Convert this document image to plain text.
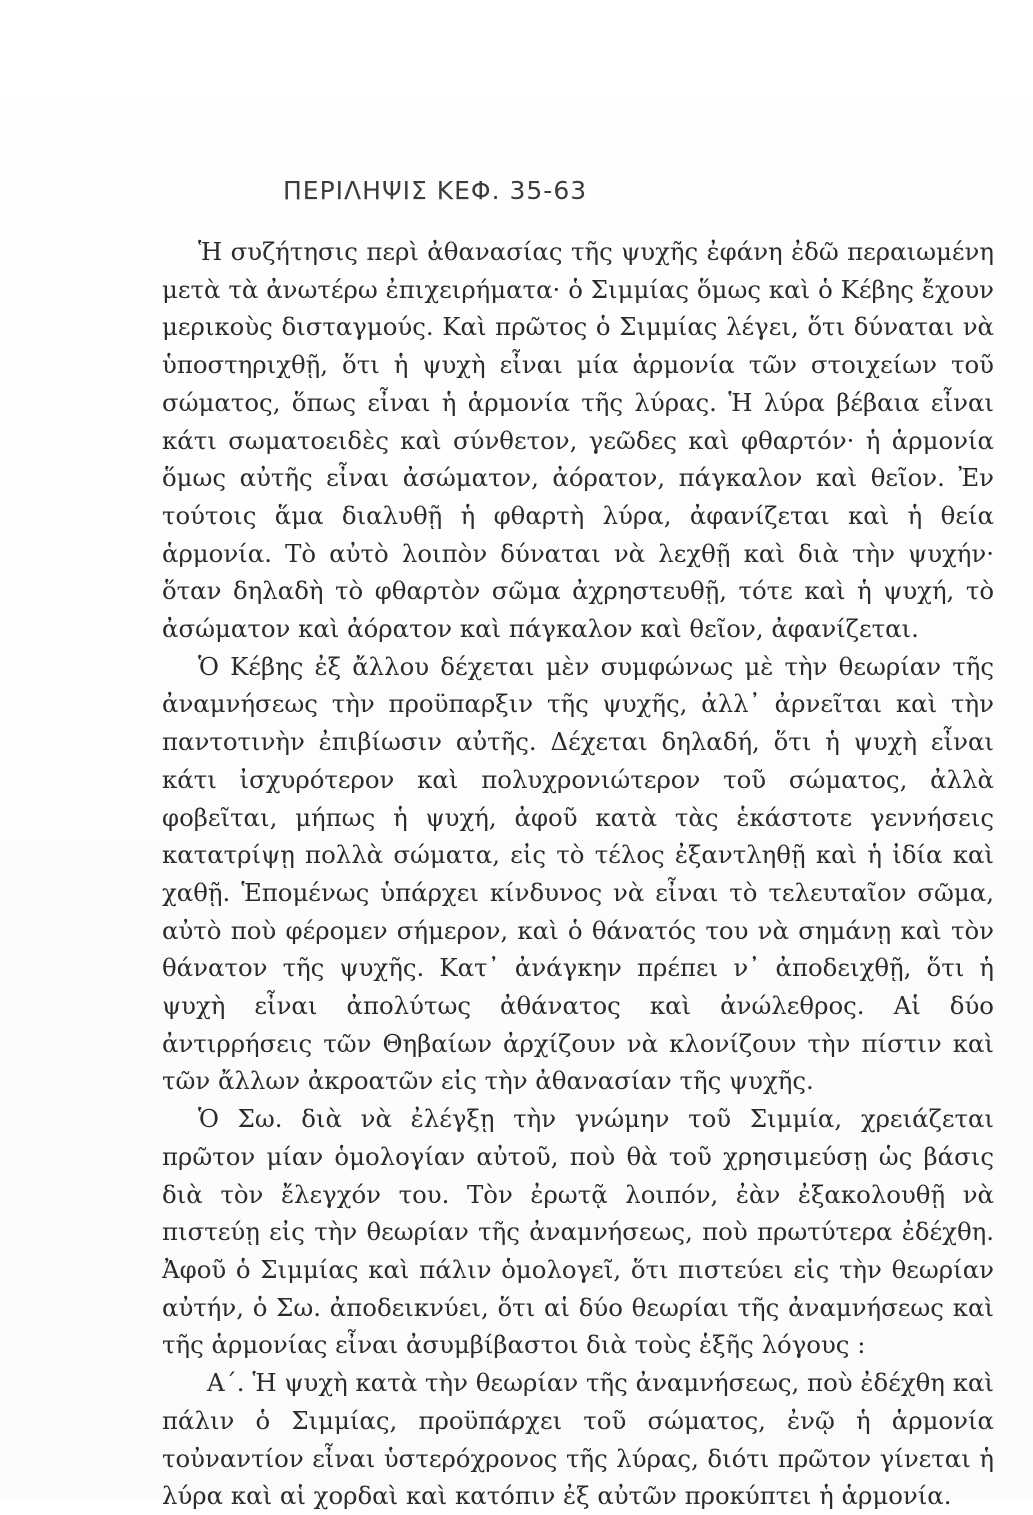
ΠΕΡΙΛΗΨΙΣ ΚΕΦ. 35-63

Ἡ συζήτησις περὶ ἀθανασίας τῆς ψυχῆς ἐφάνη ἐδῶ περαιωμένη μετὰ τὰ ἀνωτέρω ἐπιχειρήματα· ὁ Σιμμίας ὅμως καὶ ὁ Κέβης ἔχουν μερικοὺς δισταγμούς. Καὶ πρῶτος ὁ Σιμμίας λέγει, ὅτι δύναται νὰ ὑποστηριχθῇ, ὅτι ἡ ψυχὴ εἶναι μία ἁρμονία τῶν στοιχείων τοῦ σώματος, ὅπως εἶναι ἡ ἁρμονία τῆς λύρας. Ἡ λύρα βέβαια εἶναι κάτι σωματοειδὲς καὶ σύνθετον, γεῶδες καὶ φθαρτόν· ἡ ἁρμονία ὅμως αὐτῆς εἶναι ἀσώματον, ἀόρατον, πάγκαλον καὶ θεῖον. Ἐν τούτοις ἅμα διαλυθῇ ἡ φθαρτὴ λύρα, ἀφανίζεται καὶ ἡ θεία ἁρμονία. Τὸ αὐτὸ λοιπὸν δύναται νὰ λεχθῇ καὶ διὰ τὴν ψυχήν· ὅταν δηλαδὴ τὸ φθαρτὸν σῶμα ἀχρηστευθῇ, τότε καὶ ἡ ψυχή, τὸ ἀσώματον καὶ ἀόρατον καὶ πάγκαλον καὶ θεῖον, ἀφανίζεται.

Ὁ Κέβης ἐξ ἄλλου δέχεται μὲν συμφώνως μὲ τὴν θεωρίαν τῆς ἀναμνήσεως τὴν προϋπαρξιν τῆς ψυχῆς, ἀλλ᾿ ἀρνεῖται καὶ τὴν παντοτινὴν ἐπιβίωσιν αὐτῆς. Δέχεται δηλαδή, ὅτι ἡ ψυχὴ εἶναι κάτι ἰσχυρότερον καὶ πολυχρονιώτερον τοῦ σώματος, ἀλλὰ φοβεῖται, μήπως ἡ ψυχή, ἀφοῦ κατὰ τὰς ἑκάστοτε γεννήσεις κατατρίψῃ πολλὰ σώματα, εἰς τὸ τέλος ἐξαντληθῇ καὶ ἡ ἰδία καὶ χαθῇ. Ἑπομένως ὑπάρχει κίνδυνος νὰ εἶναι τὸ τελευταῖον σῶμα, αὐτὸ ποὺ φέρομεν σήμερον, καὶ ὁ θάνατός του νὰ σημάνῃ καὶ τὸν θάνατον τῆς ψυχῆς. Κατ᾿ ἀνάγκην πρέπει ν᾿ ἀποδειχθῇ, ὅτι ἡ ψυχὴ εἶναι ἀπολύτως ἀθάνατος καὶ ἀνώλεθρος. Αἱ δύο ἀντιρρήσεις τῶν Θηβαίων ἀρχίζουν νὰ κλονίζουν τὴν πίστιν καὶ τῶν ἄλλων ἀκροατῶν εἰς τὴν ἀθανασίαν τῆς ψυχῆς.

Ὁ Σω. διὰ νὰ ἐλέγξῃ τὴν γνώμην τοῦ Σιμμία, χρειάζεται πρῶτον μίαν ὁμολογίαν αὐτοῦ, ποὺ θὰ τοῦ χρησιμεύσῃ ὡς βάσις διὰ τὸν ἔλεγχόν του. Τὸν ἐρωτᾷ λοιπόν, ἐὰν ἐξακολουθῇ νὰ πιστεύῃ εἰς τὴν θεωρίαν τῆς ἀναμνήσεως, ποὺ πρωτύτερα ἐδέχθη. Ἀφοῦ ὁ Σιμμίας καὶ πάλιν ὁμολογεῖ, ὅτι πιστεύει εἰς τὴν θεωρίαν αὐτήν, ὁ Σω. ἀποδεικνύει, ὅτι αἱ δύο θεωρίαι τῆς ἀναμνήσεως καὶ τῆς ἁρμονίας εἶναι ἀσυμβίβαστοι διὰ τοὺς ἑξῆς λόγους :

Α΄. Ἡ ψυχὴ κατὰ τὴν θεωρίαν τῆς ἀναμνήσεως, ποὺ ἐδέχθη καὶ πάλιν ὁ Σιμμίας, προϋπάρχει τοῦ σώματος, ἐνῷ ἡ ἁρμονία τοὐναντίον εἶναι ὑστερόχρονος τῆς λύρας, διότι πρῶτον γίνεται ἡ λύρα καὶ αἱ χορδαὶ καὶ κατόπιν ἐξ αὐτῶν προκύπτει ἡ ἁρμονία.
